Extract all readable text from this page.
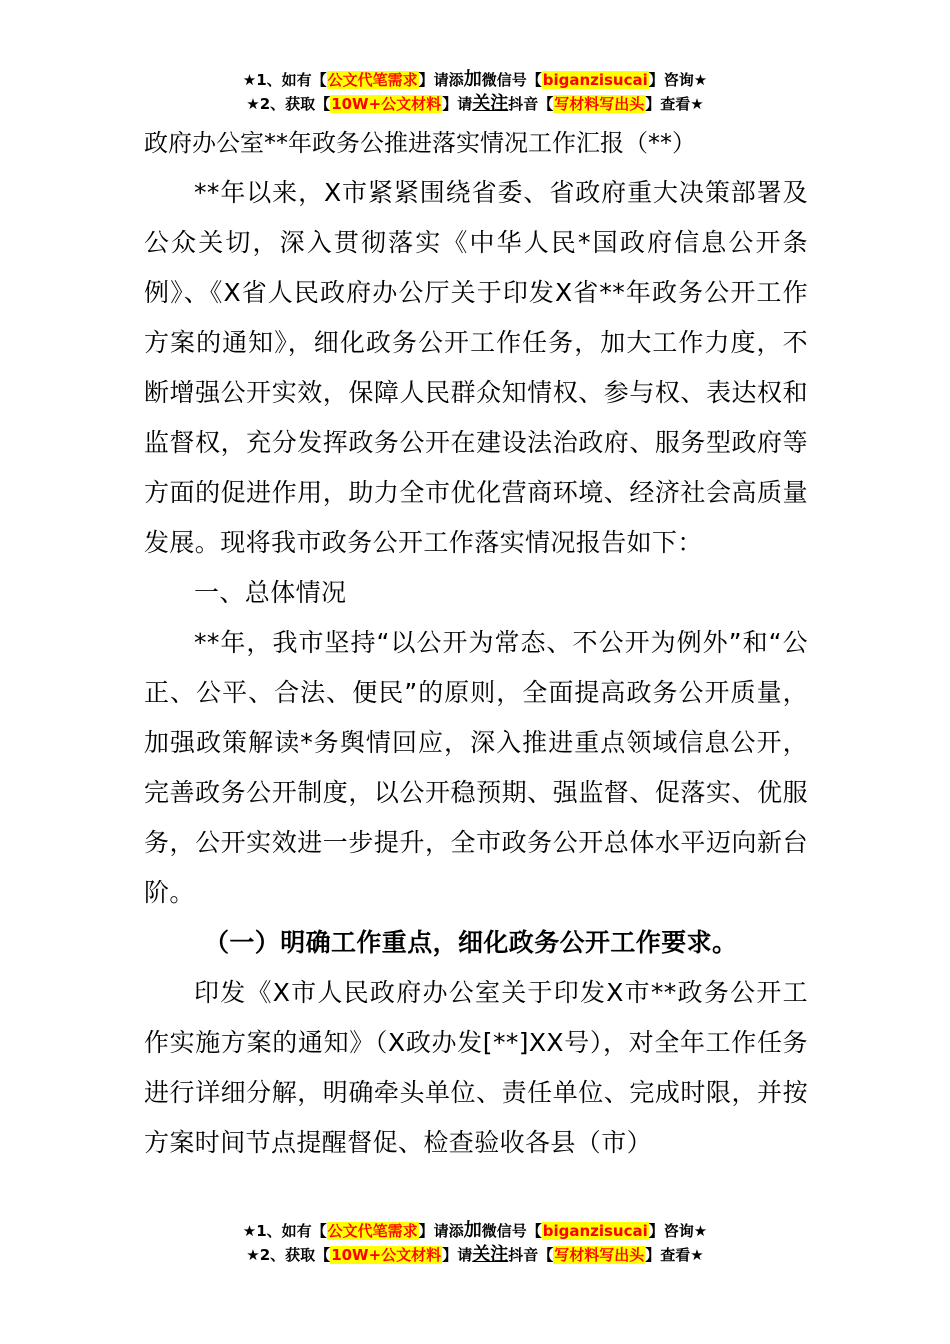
★1、如有【公文代笔需求】请添加微信号【biganzisucai】咨询★
★2、获取【10W+公文材料】请关注抖音【写材料写出头】查看★
政府办公室**年政务公推进落实情况工作汇报（**）

**年以来，X市紧紧围绕省委、省政府重大决策部署及公众关切，深入贯彻落实《中华人民*国政府信息公开条例》、《X省人民政府办公厅关于印发X省**年政务公开工作方案的通知》，细化政务公开工作任务，加大工作力度，不断增强公开实效，保障人民群众知情权、参与权、表达权和监督权，充分发挥政务公开在建设法治政府、服务型政府等方面的促进作用，助力全市优化营商环境、经济社会高质量发展。现将我市政务公开工作落实情况报告如下：

一、总体情况

**年，我市坚持“以公开为常态、不公开为例外”和“公正、公平、合法、便民”的原则，全面提高政务公开质量，加强政策解读*务舆情回应，深入推进重点领域信息公开，完善政务公开制度，以公开稳预期、强监督、促落实、优服务，公开实效进一步提升，全市政务公开总体水平迈向新台阶。

（一）明确工作重点，细化政务公开工作要求。

印发《X市人民政府办公室关于印发X市**政务公开工作实施方案的通知》（X政办发[**]XX号），对全年工作任务进行详细分解，明确牵头单位、责任单位、完成时限，并按方案时间节点提醒督促、检查验收各县（市）

★1、如有【公文代笔需求】请添加微信号【biganzisucai】咨询★
★2、获取【10W+公文材料】请关注抖音【写材料写出头】查看★
